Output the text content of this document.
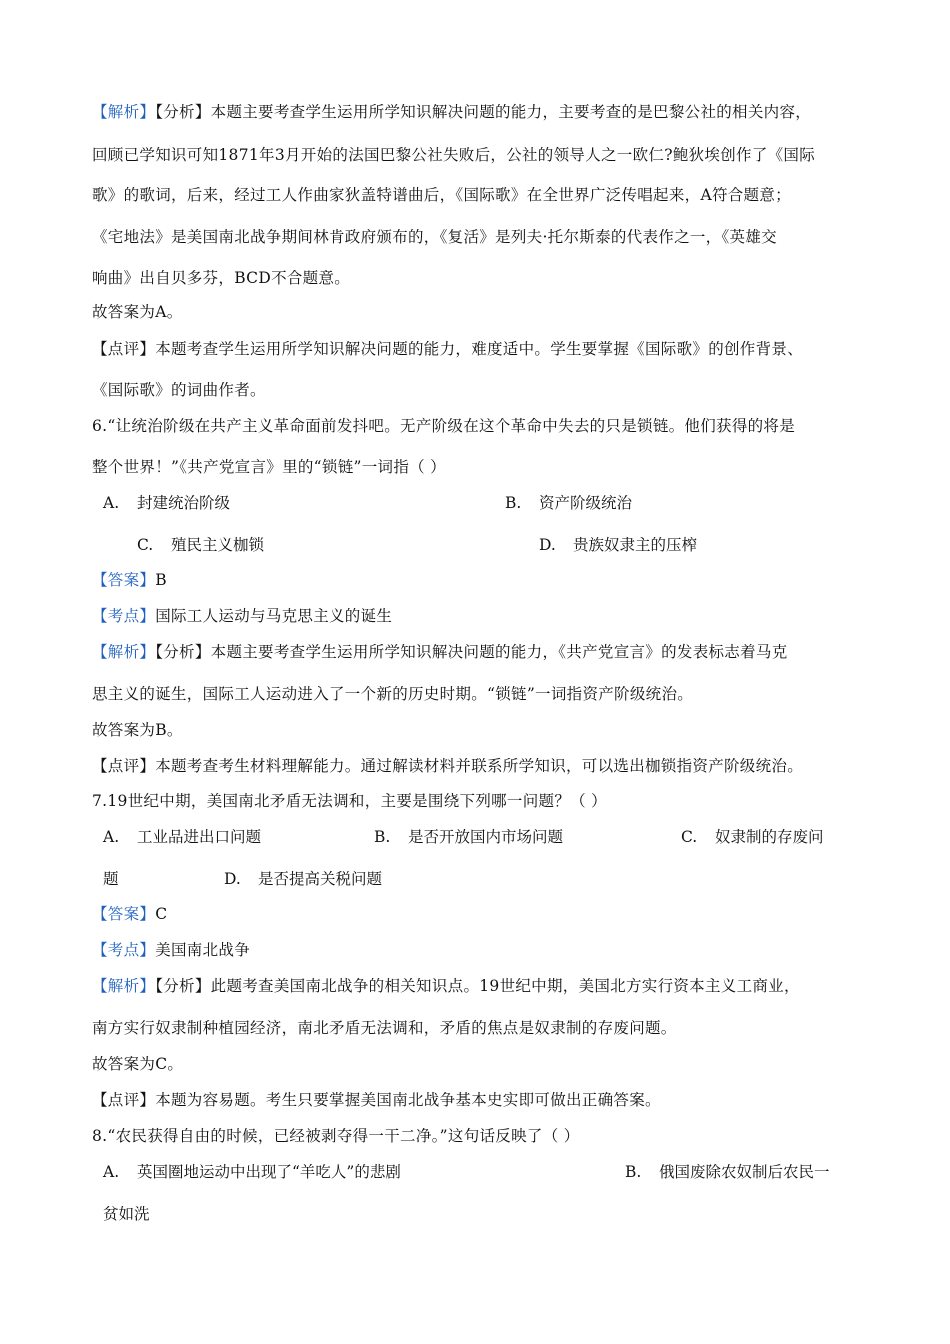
【解析】【分析】本题主要考查学生运用所学知识解决问题的能力，主要考查的是巴黎公社的相关内容，
回顾已学知识可知1871年3月开始的法国巴黎公社失败后，公社的领导人之一欧仁?鲍狄埃创作了《国际
歌》的歌词，后来，经过工人作曲家狄盖特谱曲后，《国际歌》在全世界广泛传唱起来，A符合题意；
《宅地法》是美国南北战争期间林肯政府颁布的，《复活》是列夫·托尔斯泰的代表作之一，《英雄交
响曲》出自贝多芬，BCD不合题意。
故答案为A。
【点评】本题考查学生运用所学知识解决问题的能力，难度适中。学生要掌握《国际歌》的创作背景、
《国际歌》的词曲作者。
6.“让统治阶级在共产主义革命面前发抖吧。无产阶级在这个革命中失去的只是锁链。他们获得的将是
整个世界！”《共产党宣言》里的“锁链”一词指（ ）
A. 封建统治阶级	B. 资产阶级统治
C. 殖民主义枷锁	D. 贵族奴隶主的压榨
【答案】B
【考点】国际工人运动与马克思主义的诞生
【解析】【分析】本题主要考查学生运用所学知识解决问题的能力，《共产党宣言》的发表标志着马克
思主义的诞生，国际工人运动进入了一个新的历史时期。“锁链”一词指资产阶级统治。
故答案为B。
【点评】本题考查考生材料理解能力。通过解读材料并联系所学知识，可以选出枷锁指资产阶级统治。
7.19世纪中期，美国南北矛盾无法调和，主要是围绕下列哪一问题？（ ）
A. 工业品进出口问题	B. 是否开放国内市场问题	C. 奴隶制的存废问
题	D. 是否提高关税问题
【答案】C
【考点】美国南北战争
【解析】【分析】此题考查美国南北战争的相关知识点。19世纪中期，美国北方实行资本主义工商业，
南方实行奴隶制种植园经济，南北矛盾无法调和，矛盾的焦点是奴隶制的存废问题。
故答案为C。
【点评】本题为容易题。考生只要掌握美国南北战争基本史实即可做出正确答案。
8.“农民获得自由的时候，已经被剥夺得一干二净。”这句话反映了（ ）
A. 英国圈地运动中出现了“羊吃人”的悲剧	B. 俄国废除农奴制后农民一
贫如洗
